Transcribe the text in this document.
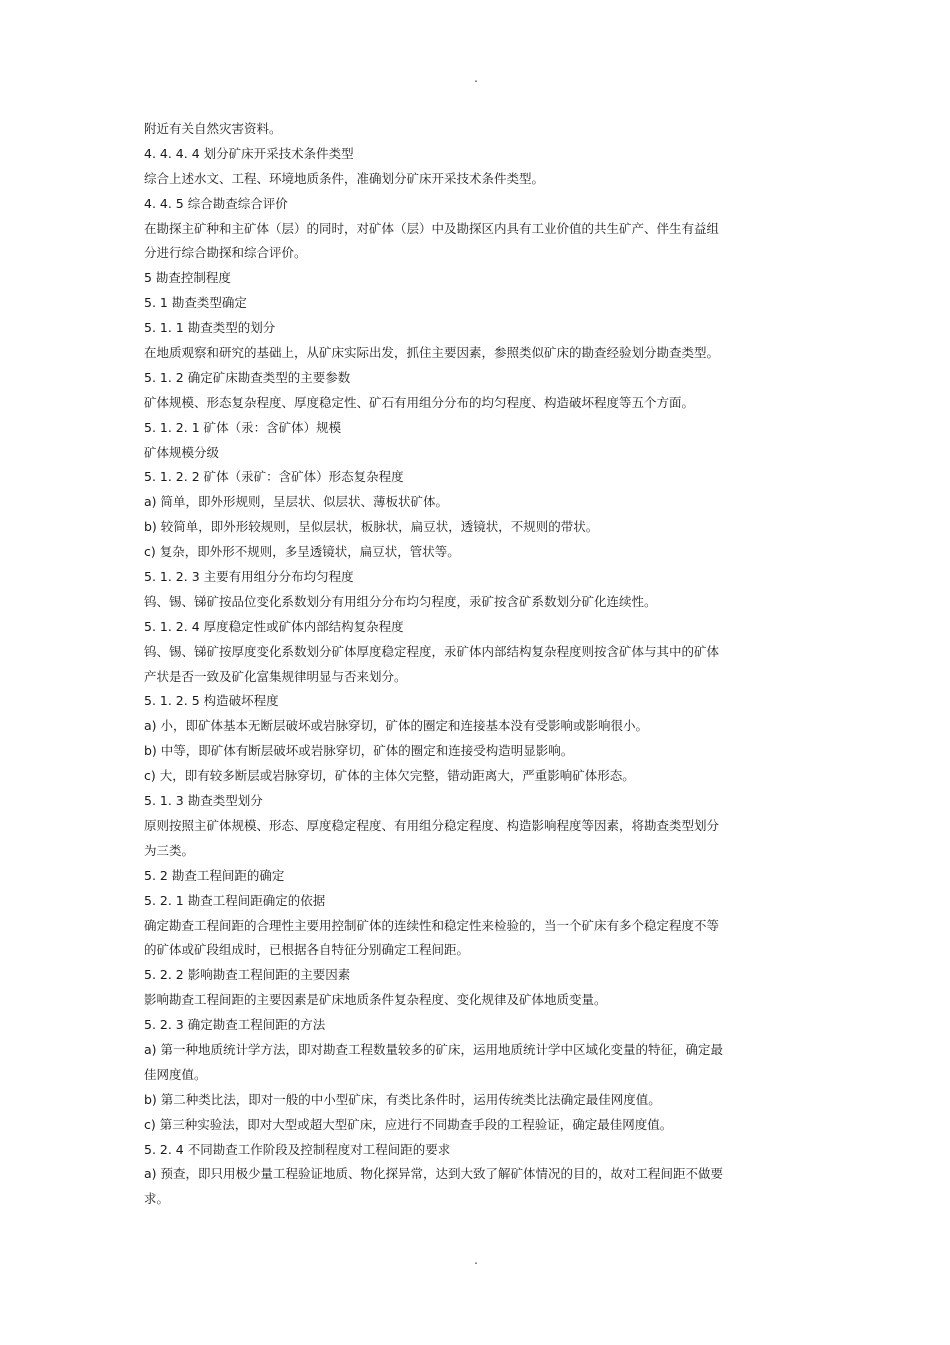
.
附近有关自然灾害资料。
4. 4. 4. 4 划分矿床开采技术条件类型
综合上述水文、工程、环境地质条件，准确划分矿床开采技术条件类型。
4. 4. 5 综合勘查综合评价
在勘探主矿种和主矿体（层）的同时，对矿体（层）中及勘探区内具有工业价值的共生矿产、伴生有益组
分进行综合勘探和综合评价。
5 勘查控制程度
5. 1 勘查类型确定
5. 1. 1 勘查类型的划分
在地质观察和研究的基础上，从矿床实际出发，抓住主要因素，参照类似矿床的勘查经验划分勘查类型。
5. 1. 2 确定矿床勘查类型的主要参数
矿体规模、形态复杂程度、厚度稳定性、矿石有用组分分布的均匀程度、构造破坏程度等五个方面。
5. 1. 2. 1 矿体（汞：含矿体）规模
矿体规模分级
5. 1. 2. 2 矿体（汞矿：含矿体）形态复杂程度
a) 简单，即外形规则，呈层状、似层状、薄板状矿体。
b) 较简单，即外形较规则，呈似层状，板脉状，扁豆状，透镜状，不规则的带状。
c) 复杂，即外形不规则，多呈透镜状，扁豆状，管状等。
5. 1. 2. 3 主要有用组分分布均匀程度
钨、锡、锑矿按品位变化系数划分有用组分分布均匀程度，汞矿按含矿系数划分矿化连续性。
5. 1. 2. 4 厚度稳定性或矿体内部结构复杂程度
钨、锡、锑矿按厚度变化系数划分矿体厚度稳定程度，汞矿体内部结构复杂程度则按含矿体与其中的矿体
产状是否一致及矿化富集规律明显与否来划分。
5. 1. 2. 5 构造破坏程度
a) 小，即矿体基本无断层破坏或岩脉穿切，矿体的圈定和连接基本没有受影响或影响很小。
b) 中等，即矿体有断层破坏或岩脉穿切，矿体的圈定和连接受构造明显影响。
c) 大，即有较多断层或岩脉穿切，矿体的主体欠完整，错动距离大，严重影响矿体形态。
5. 1. 3 勘查类型划分
原则按照主矿体规模、形态、厚度稳定程度、有用组分稳定程度、构造影响程度等因素，将勘查类型划分
为三类。
5. 2 勘查工程间距的确定
5. 2. 1 勘查工程间距确定的依据
确定勘查工程间距的合理性主要用控制矿体的连续性和稳定性来检验的，当一个矿床有多个稳定程度不等
的矿体或矿段组成时，已根据各自特征分别确定工程间距。
5. 2. 2 影响勘查工程间距的主要因素
影响勘查工程间距的主要因素是矿床地质条件复杂程度、变化规律及矿体地质变量。
5. 2. 3 确定勘查工程间距的方法
a) 第一种地质统计学方法，即对勘查工程数量较多的矿床，运用地质统计学中区域化变量的特征，确定最
佳网度值。
b) 第二种类比法，即对一般的中小型矿床，有类比条件时，运用传统类比法确定最佳网度值。
c) 第三种实验法，即对大型或超大型矿床，应进行不同勘查手段的工程验证，确定最佳网度值。
5. 2. 4 不同勘查工作阶段及控制程度对工程间距的要求
a) 预查，即只用极少量工程验证地质、物化探异常，达到大致了解矿体情况的目的，故对工程间距不做要
求。
.
